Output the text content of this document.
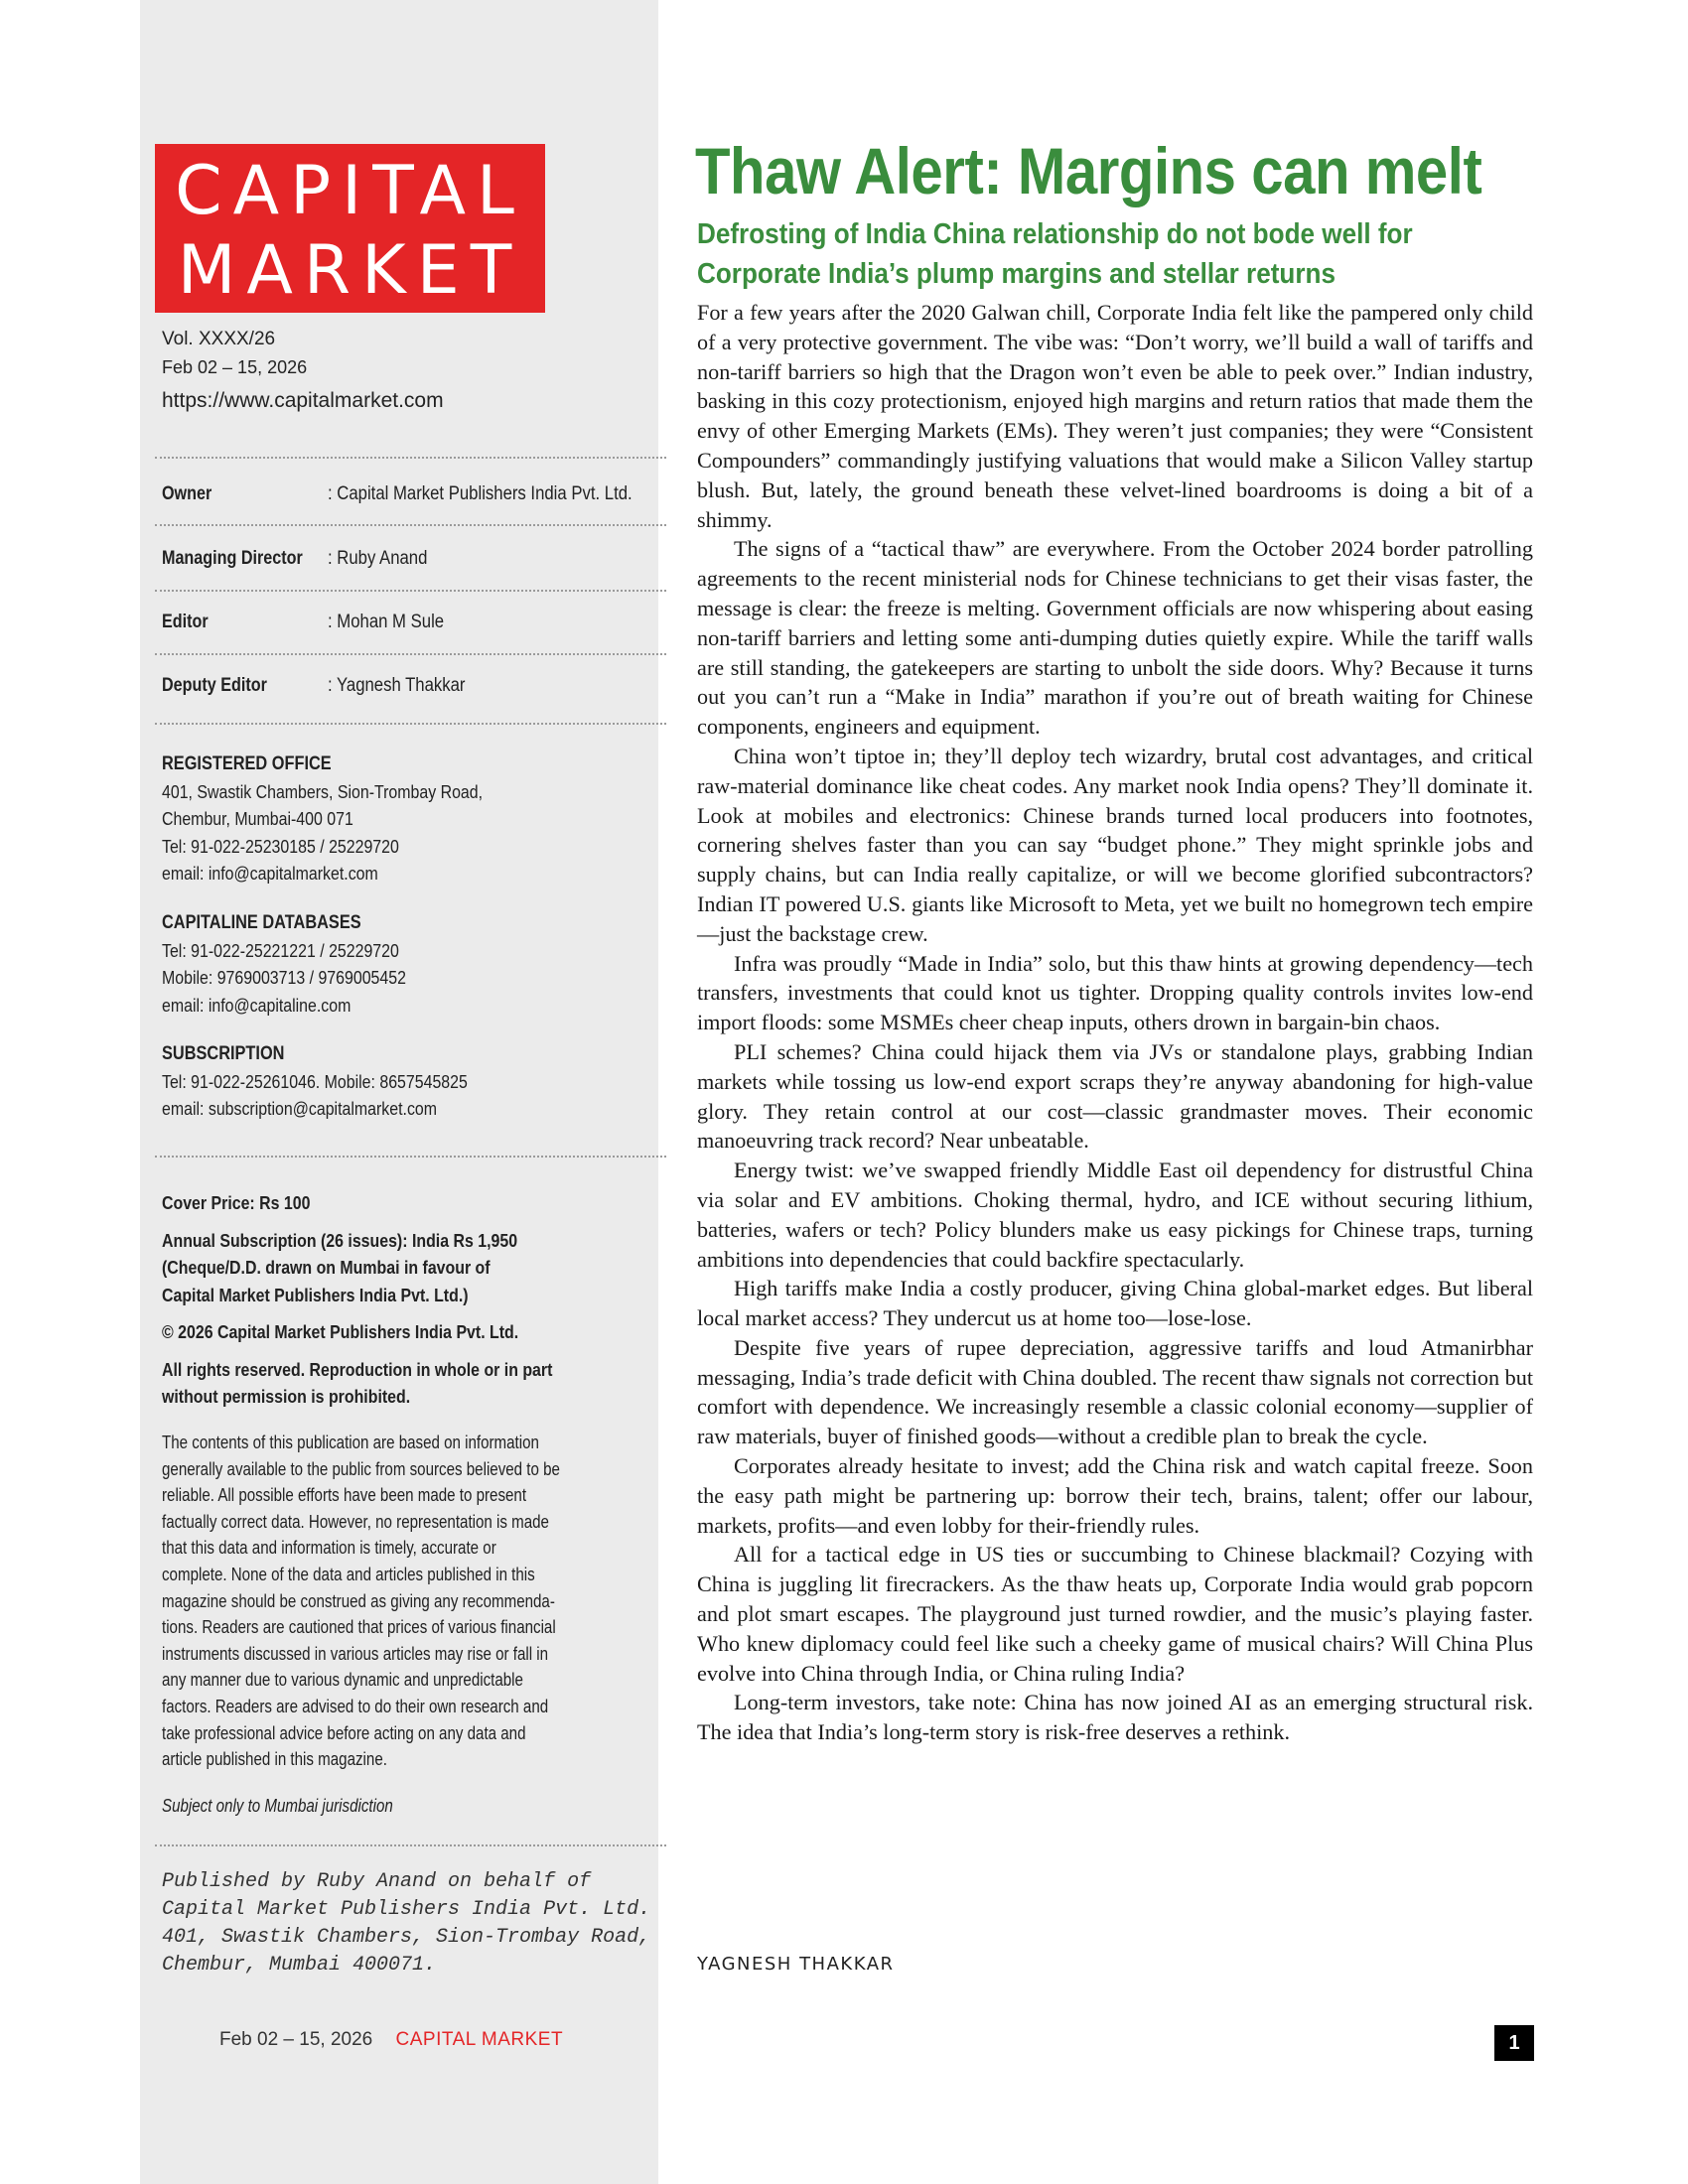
CAPITAL
MARKET
Vol. XXXX/26
Feb 02 – 15, 2026
https://www.capitalmarket.com
Owner	: Capital Market Publishers India Pvt. Ltd.
Managing Director : Ruby Anand
Editor	: Mohan M Sule
Deputy Editor	: Yagnesh Thakkar
REGISTERED OFFICE
401, Swastik Chambers, Sion-Trombay Road,
Chembur, Mumbai-400 071
Tel: 91-022-25230185 / 25229720
email: info@capitalmarket.com
CAPITALINE DATABASES
Tel: 91-022-25221221 / 25229720
Mobile: 9769003713 / 9769005452
email: info@capitaline.com
SUBSCRIPTION
Tel: 91-022-25261046. Mobile: 8657545825
email: subscription@capitalmarket.com
Cover Price: Rs 100
Annual Subscription (26 issues): India Rs 1,950
(Cheque/D.D. drawn on Mumbai in favour of
Capital Market Publishers India Pvt. Ltd.)
© 2026 Capital Market Publishers India Pvt. Ltd.
All rights reserved. Reproduction in whole or in part
without permission is prohibited.
The contents of this publication are based on information
generally available to the public from sources believed to be
reliable. All possible efforts have been made to present
factually correct data. However, no representation is made
that this data and information is timely, accurate or
complete. None of the data and articles published in this
magazine should be construed as giving any recommenda-
tions. Readers are cautioned that prices of various financial
instruments discussed in various articles may rise or fall in
any manner due to various dynamic and unpredictable
factors. Readers are advised to do their own research and
take professional advice before acting on any data and
article published in this magazine.
Subject only to Mumbai jurisdiction
Published by Ruby Anand on behalf of
Capital Market Publishers India Pvt. Ltd.
401, Swastik Chambers, Sion-Trombay Road,
Chembur, Mumbai 400071.
Feb 02 – 15, 2026 CAPITAL MARKET	1
Thaw Alert: Margins can melt
Defrosting of India China relationship do not bode well for
Corporate India’s plump margins and stellar returns

For a few years after the 2020 Galwan chill, Corporate India felt like the pampered only child of a very protective government. The vibe was: “Don’t worry, we’ll build a wall of tariffs and non-tariff barriers so high that the Dragon won’t even be able to peek over.” Indian industry, basking in this cozy protectionism, enjoyed high margins and return ratios that made them the envy of other Emerging Markets (EMs). They weren’t just companies; they were “Consistent Compounders” commandingly justifying valuations that would make a Silicon Valley startup blush. But, lately, the ground beneath these velvet-lined boardrooms is doing a bit of a shimmy.

The signs of a “tactical thaw” are everywhere. From the October 2024 border patrolling agreements to the recent ministerial nods for Chinese technicians to get their visas faster, the message is clear: the freeze is melting. Government officials are now whispering about easing non-tariff barriers and letting some anti-dumping duties quietly expire. While the tariff walls are still standing, the gatekeepers are starting to unbolt the side doors. Why? Because it turns out you can’t run a “Make in India” marathon if you’re out of breath waiting for Chinese components, engineers and equipment.

China won’t tiptoe in; they’ll deploy tech wizardry, brutal cost advantages, and critical raw-material dominance like cheat codes. Any market nook India opens? They’ll dominate it. Look at mobiles and electronics: Chinese brands turned local producers into footnotes, cornering shelves faster than you can say “budget phone.” They might sprinkle jobs and supply chains, but can India really capitalize, or will we become glorified subcontractors? Indian IT powered U.S. giants like Microsoft to Meta, yet we built no homegrown tech empire—just the backstage crew.

Infra was proudly “Made in India” solo, but this thaw hints at growing dependency—tech transfers, investments that could knot us tighter. Dropping quality controls invites low-end import floods: some MSMEs cheer cheap inputs, others drown in bargain-bin chaos.

PLI schemes? China could hijack them via JVs or standalone plays, grabbing Indian markets while tossing us low-end export scraps they’re anyway abandoning for high-value glory. They retain control at our cost—classic grandmaster moves. Their economic manoeuvring track record? Near unbeatable.

Energy twist: we’ve swapped friendly Middle East oil dependency for distrustful China via solar and EV ambitions. Choking thermal, hydro, and ICE without securing lithium, batteries, wafers or tech? Policy blunders make us easy pickings for Chinese traps, turning ambitions into dependencies that could backfire spectacularly.

High tariffs make India a costly producer, giving China global-market edges. But liberal local market access? They undercut us at home too—lose-lose.

Despite five years of rupee depreciation, aggressive tariffs and loud Atmanirbhar messaging, India’s trade deficit with China doubled. The recent thaw signals not correction but comfort with dependence. We increasingly resemble a classic colonial economy—supplier of raw materials, buyer of finished goods—without a credible plan to break the cycle.

Corporates already hesitate to invest; add the China risk and watch capital freeze. Soon the easy path might be partnering up: borrow their tech, brains, talent; offer our labour, markets, profits—and even lobby for their-friendly rules.

All for a tactical edge in US ties or succumbing to Chinese blackmail? Cozying with China is juggling lit firecrackers. As the thaw heats up, Corporate India would grab popcorn and plot smart escapes. The playground just turned rowdier, and the music’s playing faster. Who knew diplomacy could feel like such a cheeky game of musical chairs? Will China Plus evolve into China through India, or China ruling India?

Long-term investors, take note: China has now joined AI as an emerging structural risk. The idea that India’s long-term story is risk-free deserves a rethink.

YAGNESH THAKKAR
